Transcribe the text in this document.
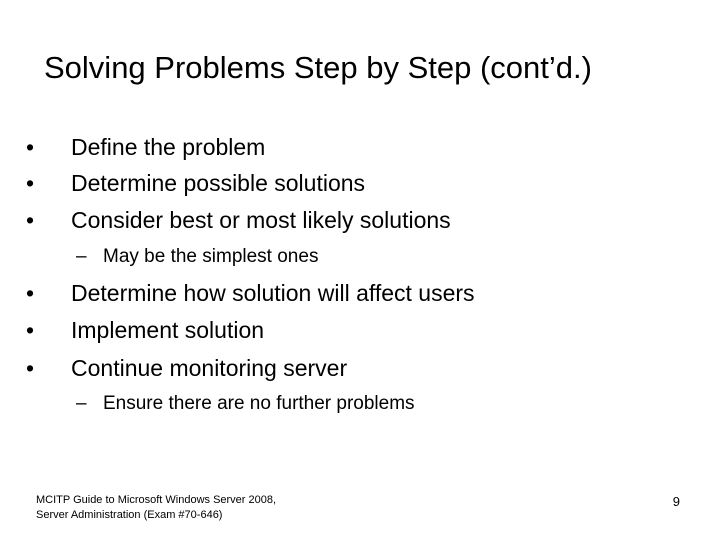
Solving Problems Step by Step (cont’d.)
•	Define the problem
•	Determine possible solutions
•	Consider best or most likely solutions
– May be the simplest ones
•	Determine how solution will affect users
•	Implement solution
•	Continue monitoring server
– Ensure there are no further problems
MCITP Guide to Microsoft Windows Server 2008,
Server Administration (Exam #70-646)
9
